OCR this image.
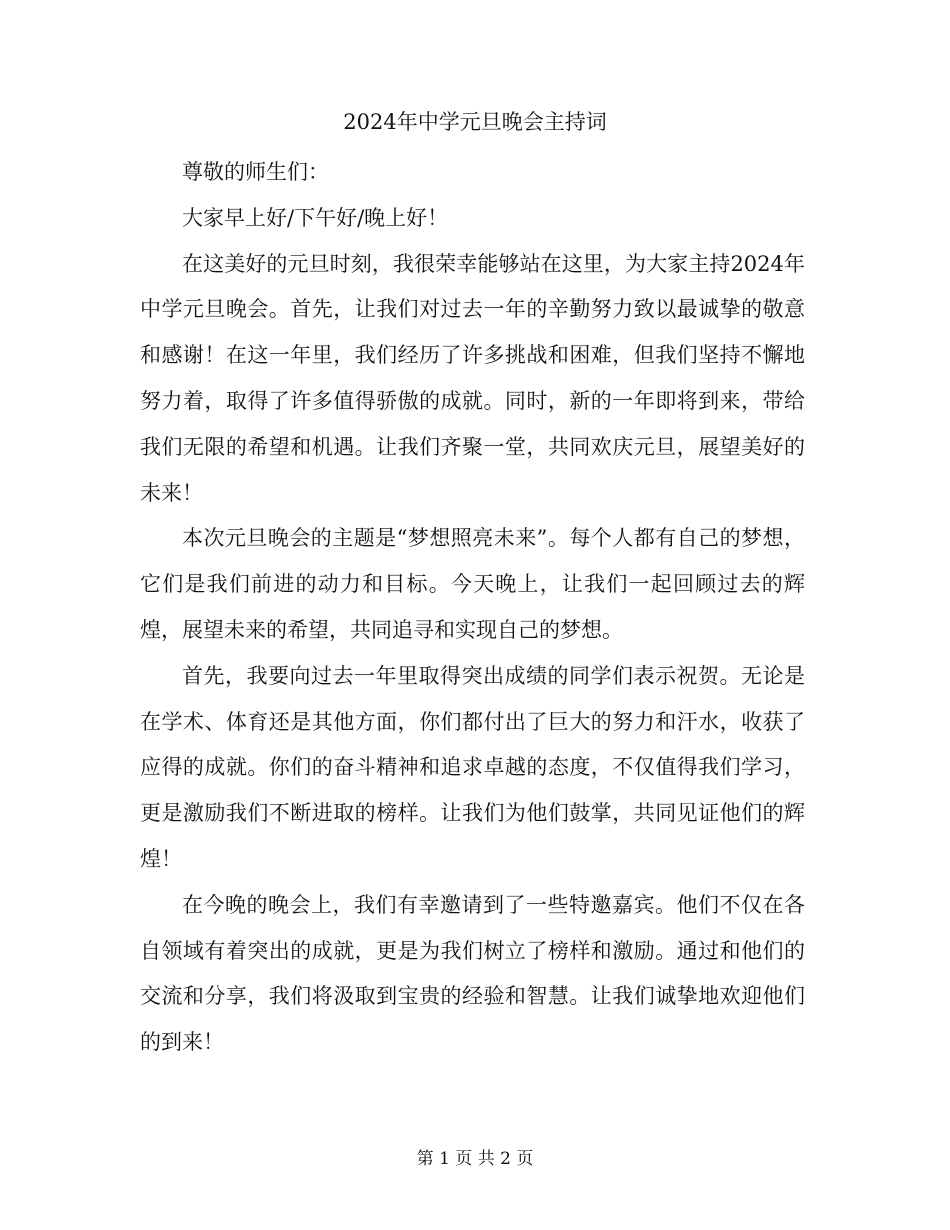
2024年中学元旦晚会主持词

尊敬的师生们：

大家早上好/下午好/晚上好！

在这美好的元旦时刻，我很荣幸能够站在这里，为大家主持2024年中学元旦晚会。首先，让我们对过去一年的辛勤努力致以最诚挚的敬意和感谢！在这一年里，我们经历了许多挑战和困难，但我们坚持不懈地努力着，取得了许多值得骄傲的成就。同时，新的一年即将到来，带给我们无限的希望和机遇。让我们齐聚一堂，共同欢庆元旦，展望美好的未来！

本次元旦晚会的主题是“梦想照亮未来”。每个人都有自己的梦想，它们是我们前进的动力和目标。今天晚上，让我们一起回顾过去的辉煌，展望未来的希望，共同追寻和实现自己的梦想。

首先，我要向过去一年里取得突出成绩的同学们表示祝贺。无论是在学术、体育还是其他方面，你们都付出了巨大的努力和汗水，收获了应得的成就。你们的奋斗精神和追求卓越的态度，不仅值得我们学习，更是激励我们不断进取的榜样。让我们为他们鼓掌，共同见证他们的辉煌！

在今晚的晚会上，我们有幸邀请到了一些特邀嘉宾。他们不仅在各自领域有着突出的成就，更是为我们树立了榜样和激励。通过和他们的交流和分享，我们将汲取到宝贵的经验和智慧。让我们诚挚地欢迎他们的到来！

第 1 页 共 2 页
